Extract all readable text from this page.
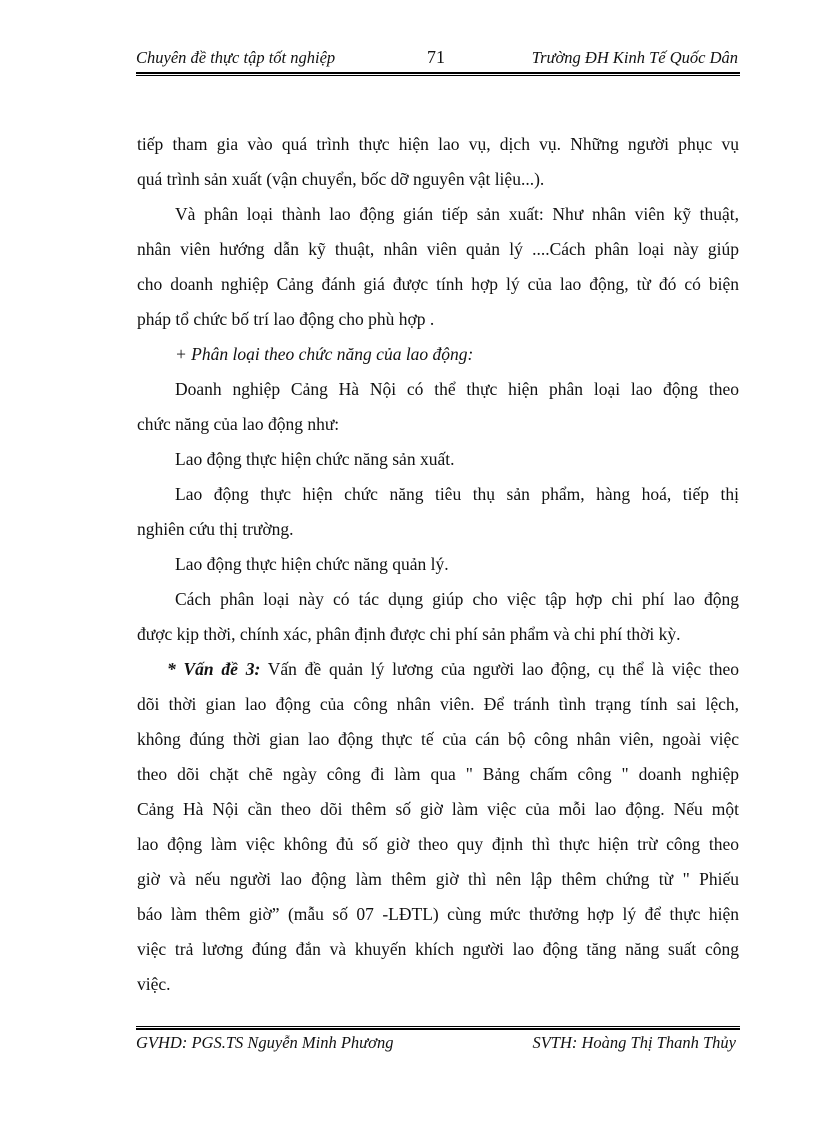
Chuyên đề thực tập tốt nghiệp	71	Trường ĐH Kinh Tế Quốc Dân
tiếp tham gia vào quá trình thực hiện lao vụ, dịch vụ. Những người phục vụ
quá trình sản xuất (vận chuyển, bốc dỡ nguyên vật liệu...).
Và phân loại thành lao động gián tiếp sản xuất: Như nhân viên kỹ thuật,
nhân viên hướng dẫn kỹ thuật, nhân viên quản lý ....Cách phân loại này giúp
cho doanh nghiệp Cảng đánh giá được tính hợp lý của lao động, từ đó có biện
pháp tổ chức bố trí lao động cho phù hợp .
+ Phân loại theo chức năng của lao động:
Doanh nghiệp Cảng Hà Nội có thể thực hiện phân loại lao động theo
chức năng của lao động như:
Lao động thực hiện chức năng sản xuất.
Lao động thực hiện chức năng tiêu thụ sản phẩm, hàng hoá, tiếp thị
nghiên cứu thị trường.
Lao động thực hiện chức năng quản lý.
Cách phân loại này có tác dụng giúp cho việc tập hợp chi phí lao động
được kịp thời, chính xác, phân định được chi phí sản phẩm và chi phí thời kỳ.
* Vấn đề 3: Vấn đề quản lý lương của người lao động, cụ thể là việc theo
dõi thời gian lao động của công nhân viên. Để tránh tình trạng tính sai lệch,
không đúng thời gian lao động thực tế của cán bộ công nhân viên, ngoài việc
theo dõi chặt chẽ ngày công đi làm qua " Bảng chấm công " doanh nghiệp
Cảng Hà Nội cần theo dõi thêm số giờ làm việc của mỗi lao động. Nếu một
lao động làm việc không đủ số giờ theo quy định thì thực hiện trừ công theo
giờ và nếu người lao động làm thêm giờ thì nên lập thêm chứng từ " Phiếu
báo làm thêm giờ” (mẫu số 07 -LĐTL) cùng mức thưởng hợp lý để thực hiện
việc trả lương đúng đắn và khuyến khích người lao động tăng năng suất công
việc.
GVHD: PGS.TS Nguyễn Minh Phương	SVTH: Hoàng Thị Thanh Thủy
